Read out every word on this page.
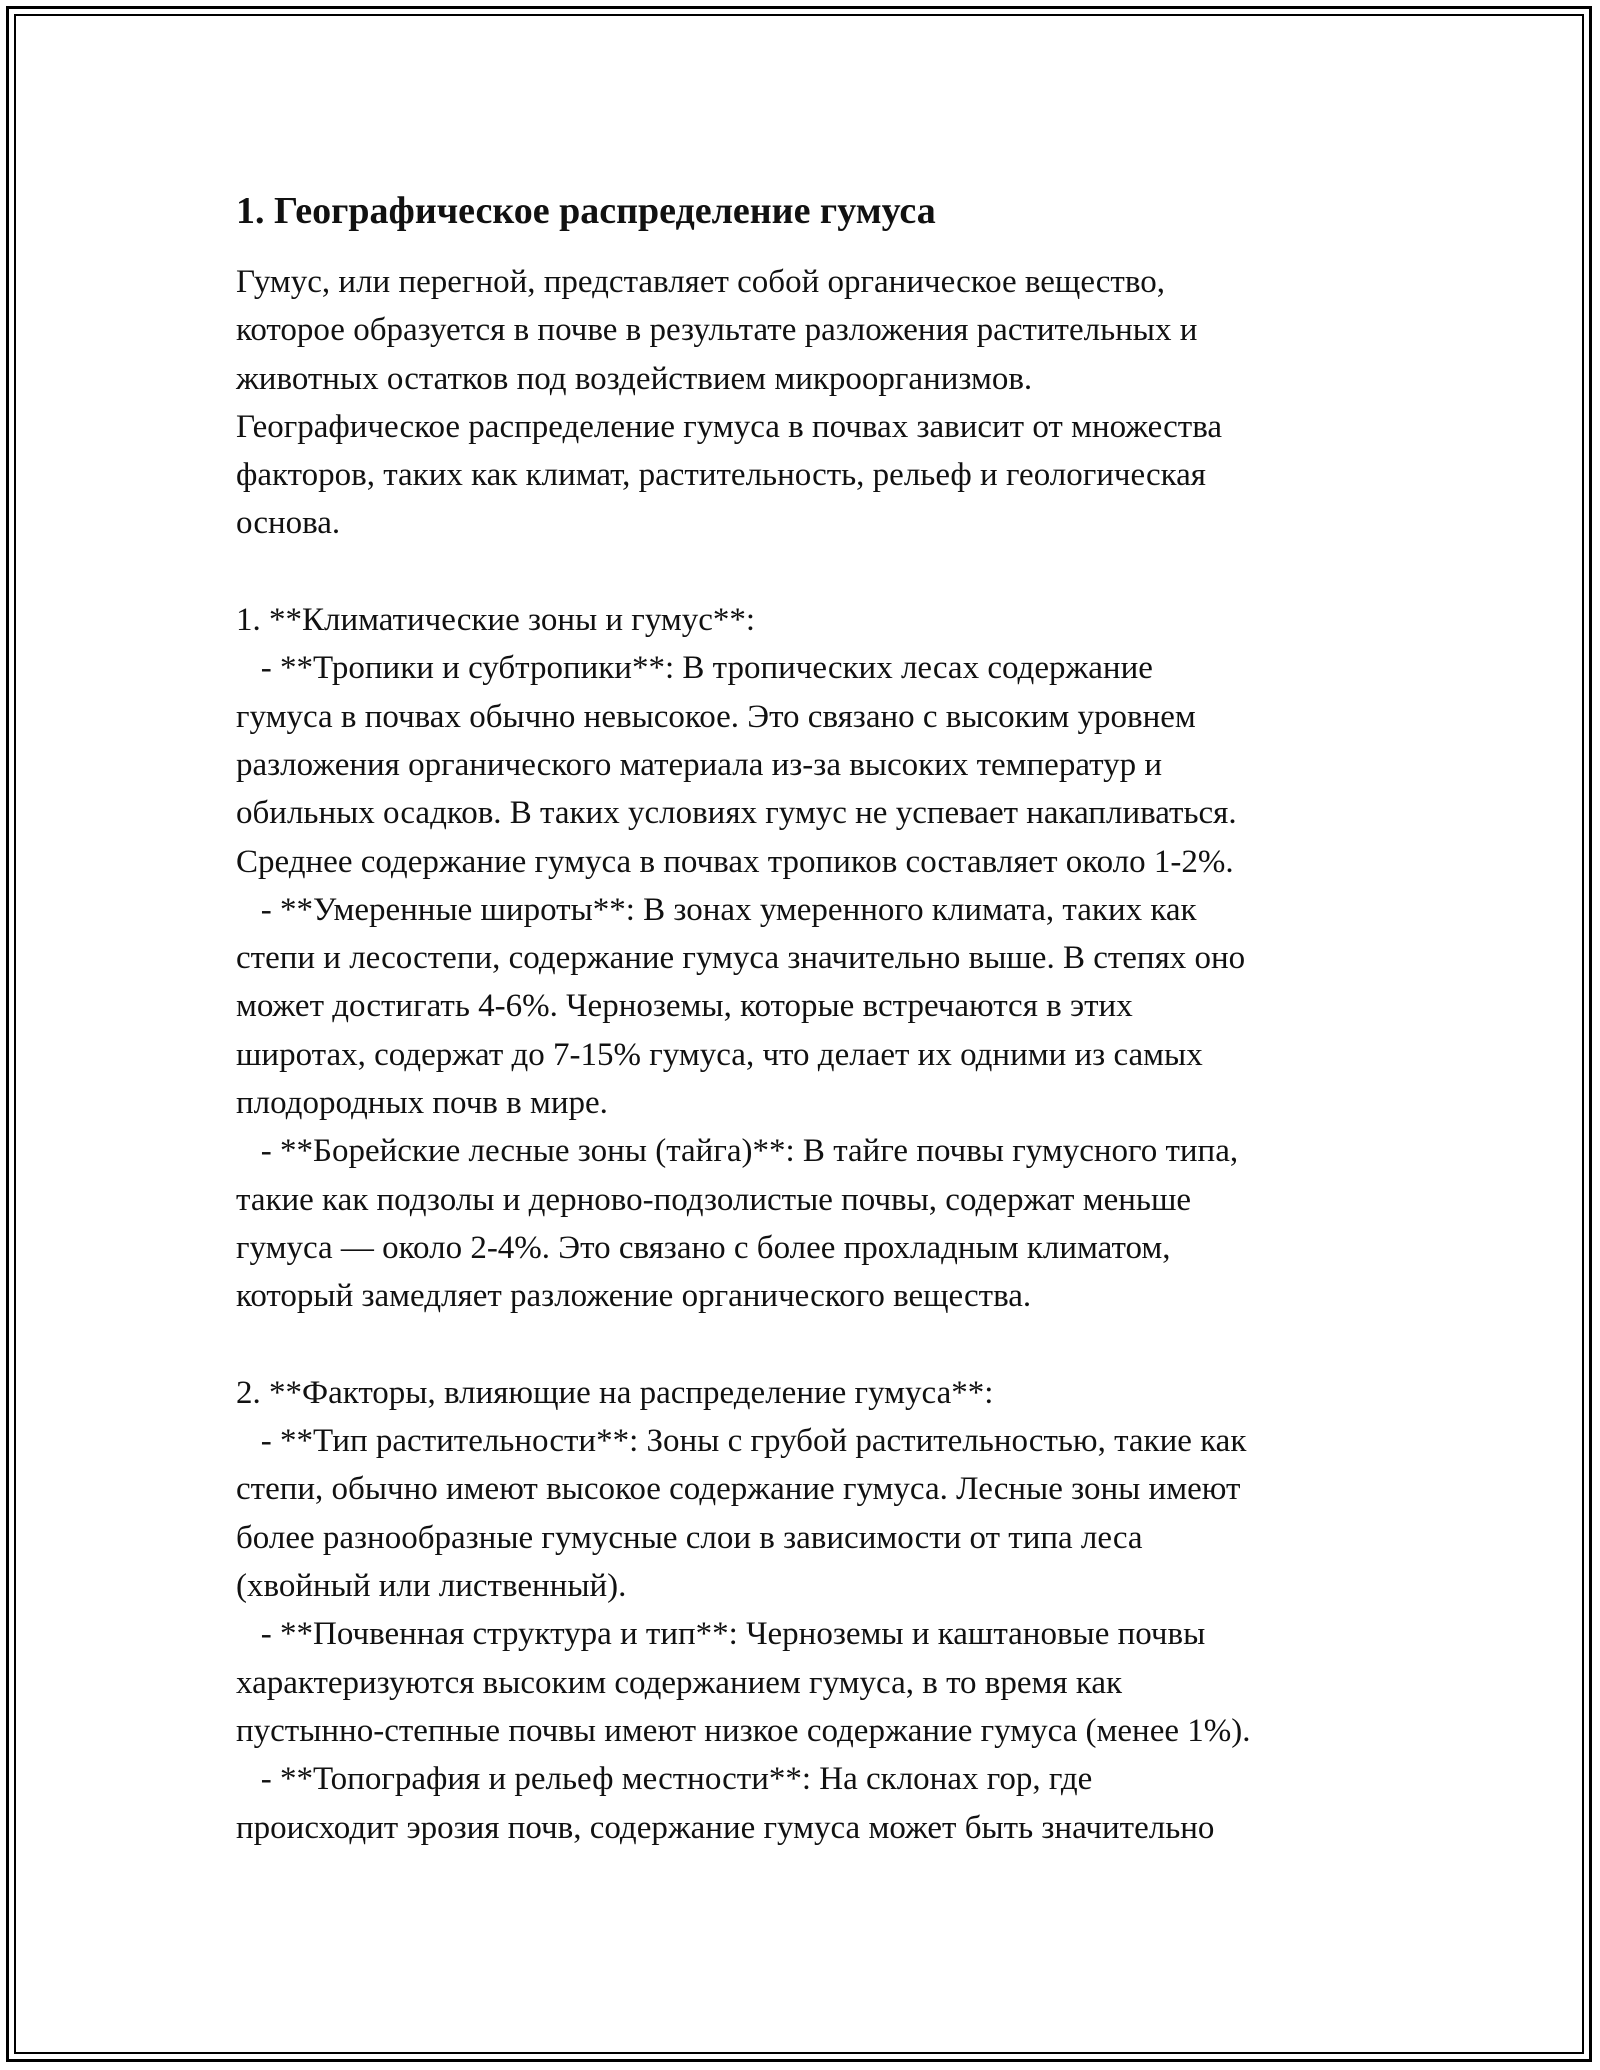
1. Географическое распределение гумуса
Гумус, или перегной, представляет собой органическое вещество,
которое образуется в почве в результате разложения растительных и
животных остатков под воздействием микроорганизмов.
Географическое распределение гумуса в почвах зависит от множества
факторов, таких как климат, растительность, рельеф и геологическая
основа.
1. **Климатические зоны и гумус**:
- **Тропики и субтропики**: В тропических лесах содержание
гумуса в почвах обычно невысокое. Это связано с высоким уровнем
разложения органического материала из-за высоких температур и
обильных осадков. В таких условиях гумус не успевает накапливаться.
Среднее содержание гумуса в почвах тропиков составляет около 1-2%.
- **Умеренные широты**: В зонах умеренного климата, таких как
степи и лесостепи, содержание гумуса значительно выше. В степях оно
может достигать 4-6%. Черноземы, которые встречаются в этих
широтах, содержат до 7-15% гумуса, что делает их одними из самых
плодородных почв в мире.
- **Борейские лесные зоны (тайга)**: В тайге почвы гумусного типа,
такие как подзолы и дерново-подзолистые почвы, содержат меньше
гумуса — около 2-4%. Это связано с более прохладным климатом,
который замедляет разложение органического вещества.
2. **Факторы, влияющие на распределение гумуса**:
- **Тип растительности**: Зоны с грубой растительностью, такие как
степи, обычно имеют высокое содержание гумуса. Лесные зоны имеют
более разнообразные гумусные слои в зависимости от типа леса
(хвойный или лиственный).
- **Почвенная структура и тип**: Черноземы и каштановые почвы
характеризуются высоким содержанием гумуса, в то время как
пустынно-степные почвы имеют низкое содержание гумуса (менее 1%).
- **Топография и рельеф местности**: На склонах гор, где
происходит эрозия почв, содержание гумуса может быть значительно
